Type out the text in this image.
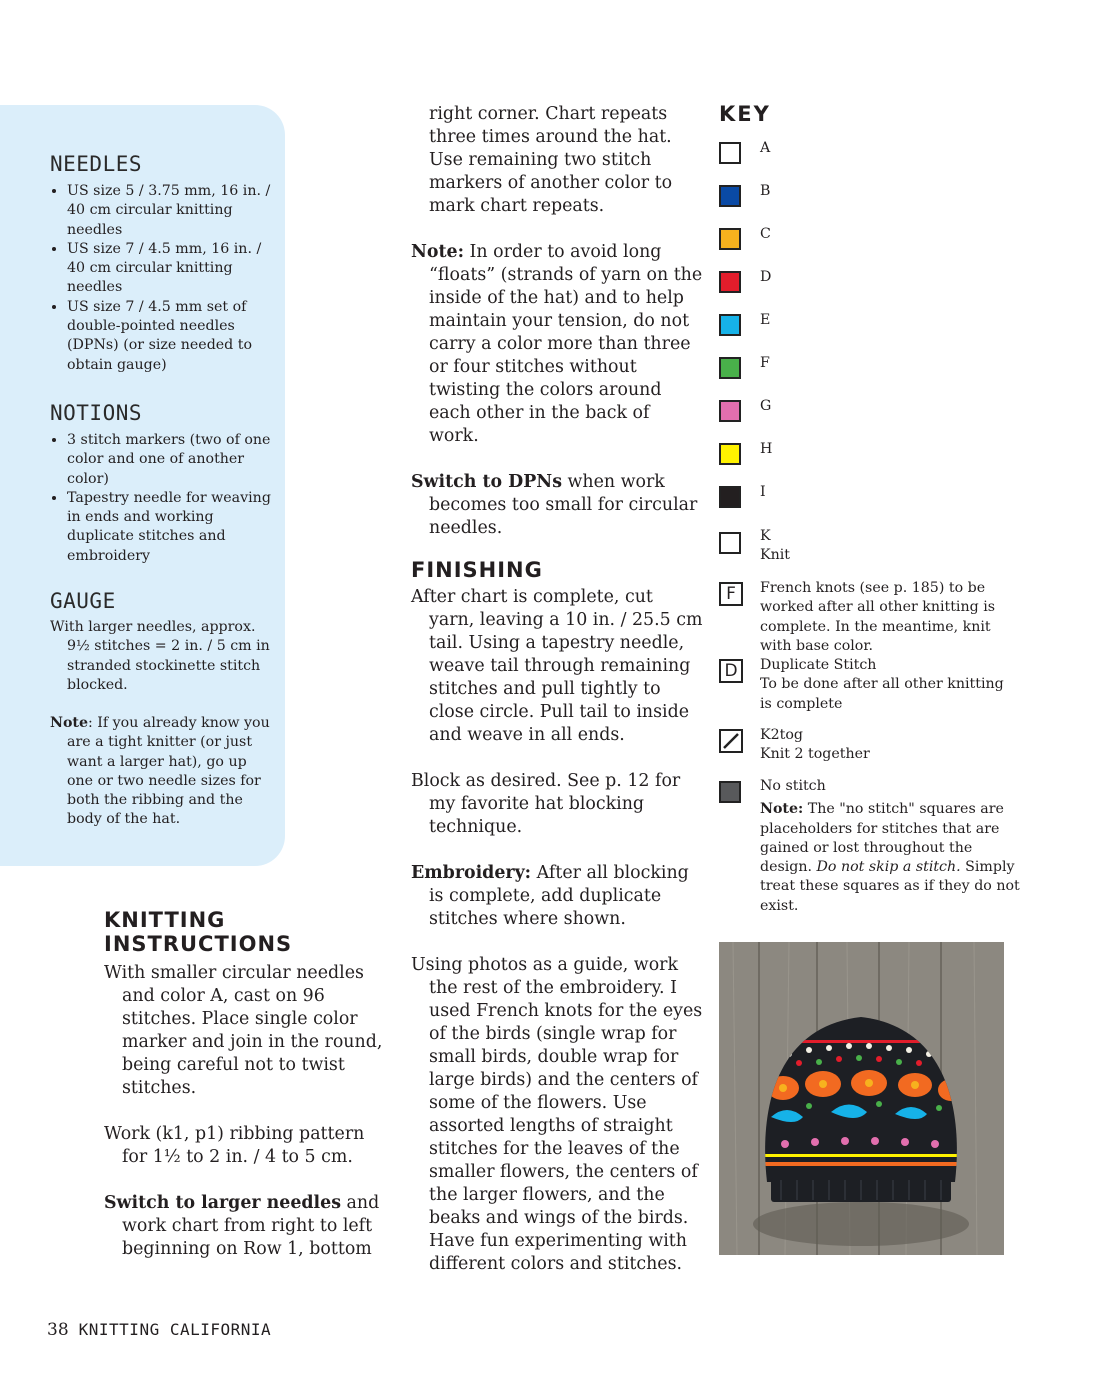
NEEDLES
• US size 5 / 3.75 mm, 16 in. / 40 cm circular knitting needles
• US size 7 / 4.5 mm, 16 in. / 40 cm circular knitting needles
• US size 7 / 4.5 mm set of double-pointed needles (DPNs) (or size needed to obtain gauge)
NOTIONS
• 3 stitch markers (two of one color and one of another color)
• Tapestry needle for weaving in ends and working duplicate stitches and embroidery
GAUGE

With larger needles, approx. 9½ stitches = 2 in. / 5 cm in stranded stockinette stitch blocked.

Note: If you already know you are a tight knitter (or just want a larger hat), go up one or two needle sizes for both the ribbing and the body of the hat.

KNITTING
INSTRUCTIONS

With smaller circular needles and color A, cast on 96 stitches. Place single color marker and join in the round, being careful not to twist stitches.

Work (k1, p1) ribbing pattern for 1½ to 2 in. / 4 to 5 cm.

Switch to larger needles and work chart from right to left beginning on Row 1, bottom

right corner. Chart repeats three times around the hat. Use remaining two stitch markers of another color to mark chart repeats.

Note: In order to avoid long “floats” (strands of yarn on the inside of the hat) and to help maintain your tension, do not carry a color more than three or four stitches without twisting the colors around each other in the back of work.

Switch to DPNs when work becomes too small for circular needles.

FINISHING

After chart is complete, cut yarn, leaving a 10 in. / 25.5 cm tail. Using a tapestry needle, weave tail through remaining stitches and pull tightly to close circle. Pull tail to inside and weave in all ends.

Block as desired. See p. 12 for my favorite hat blocking technique.

Embroidery: After all blocking is complete, add duplicate stitches where shown.

Using photos as a guide, work the rest of the embroidery. I used French knots for the eyes of the birds (single wrap for small birds, double wrap for large birds) and the centers of some of the flowers. Use assorted lengths of straight stitches for the leaves of the smaller flowers, the centers of the larger flowers, and the beaks and wings of the birds. Have fun experimenting with different colors and stitches.

KEY
A
B
C
D
E
F
G
H
I
K
Knit
F	French knots (see p. 185) to be worked after all other knitting is complete. In the meantime, knit with base color.
D	Duplicate Stitch
To be done after all other knitting is complete
K2tog
Knit 2 together
No stitch
Note: The "no stitch" squares are placeholders for stitches that are gained or lost throughout the design. Do not skip a stitch. Simply treat these squares as if they do not exist.
38 KNITTING CALIFORNIA
